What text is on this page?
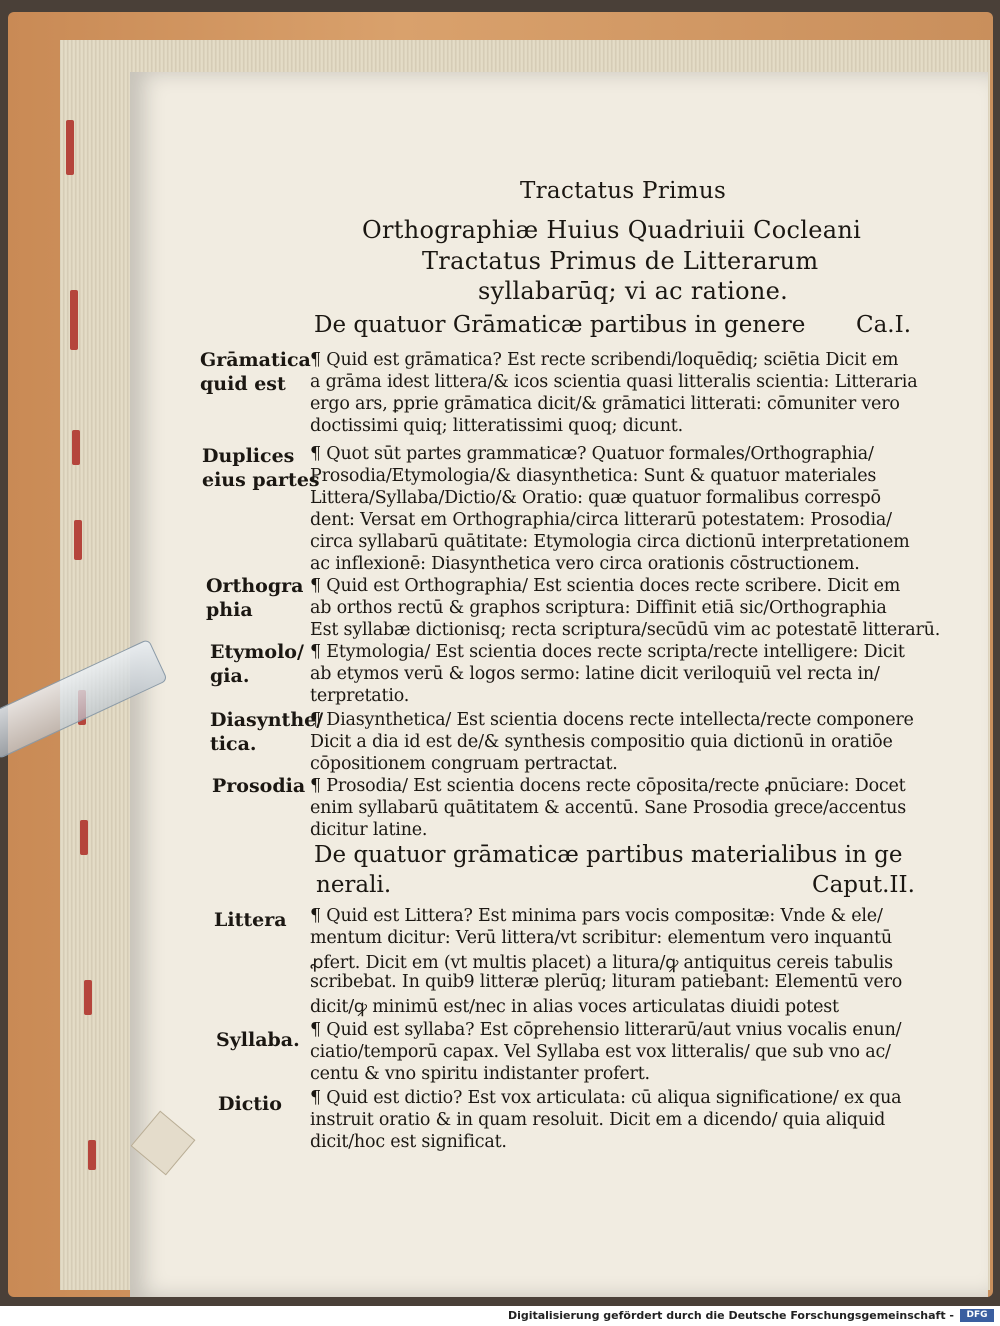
Tractatus Primus
Orthographiæ Huius Quadriuii Cocleani
Tractatus Primus de Litterarum
syllabarūq; vi ac ratione.
De quatuor Grāmaticæ partibus in genere Ca.I.
Grāmatica
quid est
Duplices
eius partes
Orthogra
phia
Etymolo/
gia.
Diasynthe/
tica.
Prosodia
Littera
Syllaba.
Dictio
¶ Quid est grāmatica? Est recte scribendi/loquēdiq; sciētia Dicit em
a grāma idest littera/& icos scientia quasi litteralis scientia: Litteraria
ergo ars, ꝑprie grāmatica dicit/& grāmatici litterati: cōmuniter vero
doctissimi quiq; litteratissimi quoq; dicunt.
¶ Quot sūt partes grammaticæ? Quatuor formales/Orthographia/
Prosodia/Etymologia/& diasynthetica: Sunt & quatuor materiales
Littera/Syllaba/Dictio/& Oratio: quæ quatuor formalibus correspō
dent: Versat em Orthographia/circa litterarū potestatem: Prosodia/
circa syllabarū quātitate: Etymologia circa dictionū interpretationem
ac inflexionē: Diasynthetica vero circa orationis cōstructionem.
¶ Quid est Orthographia/ Est scientia doces recte scribere. Dicit em
ab orthos rectū & graphos scriptura: Diffinit etiā sic/Orthographia
Est syllabæ dictionisq; recta scriptura/secūdū vim ac potestatē litterarū.
¶ Etymologia/ Est scientia doces recte scripta/recte intelligere: Dicit
ab etymos verū & logos sermo: latine dicit veriloquiū vel recta in/
terpretatio.
¶ Diasynthetica/ Est scientia docens recte intellecta/recte componere
Dicit a dia id est de/& synthesis compositio quia dictionū in oratiōe
cōpositionem congruam pertractat.
¶ Prosodia/ Est scientia docens recte cōposita/recte ꝓnūciare: Docet
enim syllabarū quātitatem & accentū. Sane Prosodia grece/accentus
dicitur latine.
De quatuor grāmaticæ partibus materialibus in ge
nerali.	Caput.II.
¶ Quid est Littera? Est minima pars vocis compositæ: Vnde & ele/
mentum dicitur: Verū littera/vt scribitur: elementum vero inquantū
ꝓfert. Dicit em (vt multis placet) a litura/ꝙ antiquitus cereis tabulis
scribebat. In quib9 litteræ plerūq; lituram patiebant: Elementū vero
dicit/ꝙ minimū est/nec in alias voces articulatas diuidi potest
¶ Quid est syllaba? Est cōprehensio litterarū/aut vnius vocalis enun/
ciatio/temporū capax. Vel Syllaba est vox litteralis/ que sub vno ac/
centu & vno spiritu indistanter profert.
¶ Quid est dictio? Est vox articulata: cū aliqua significatione/ ex qua
instruit oratio & in quam resoluit. Dicit em a dicendo/ quia aliquid
dicit/hoc est significat.
Digitalisierung gefördert durch die Deutsche Forschungsgemeinschaft -	DFG
